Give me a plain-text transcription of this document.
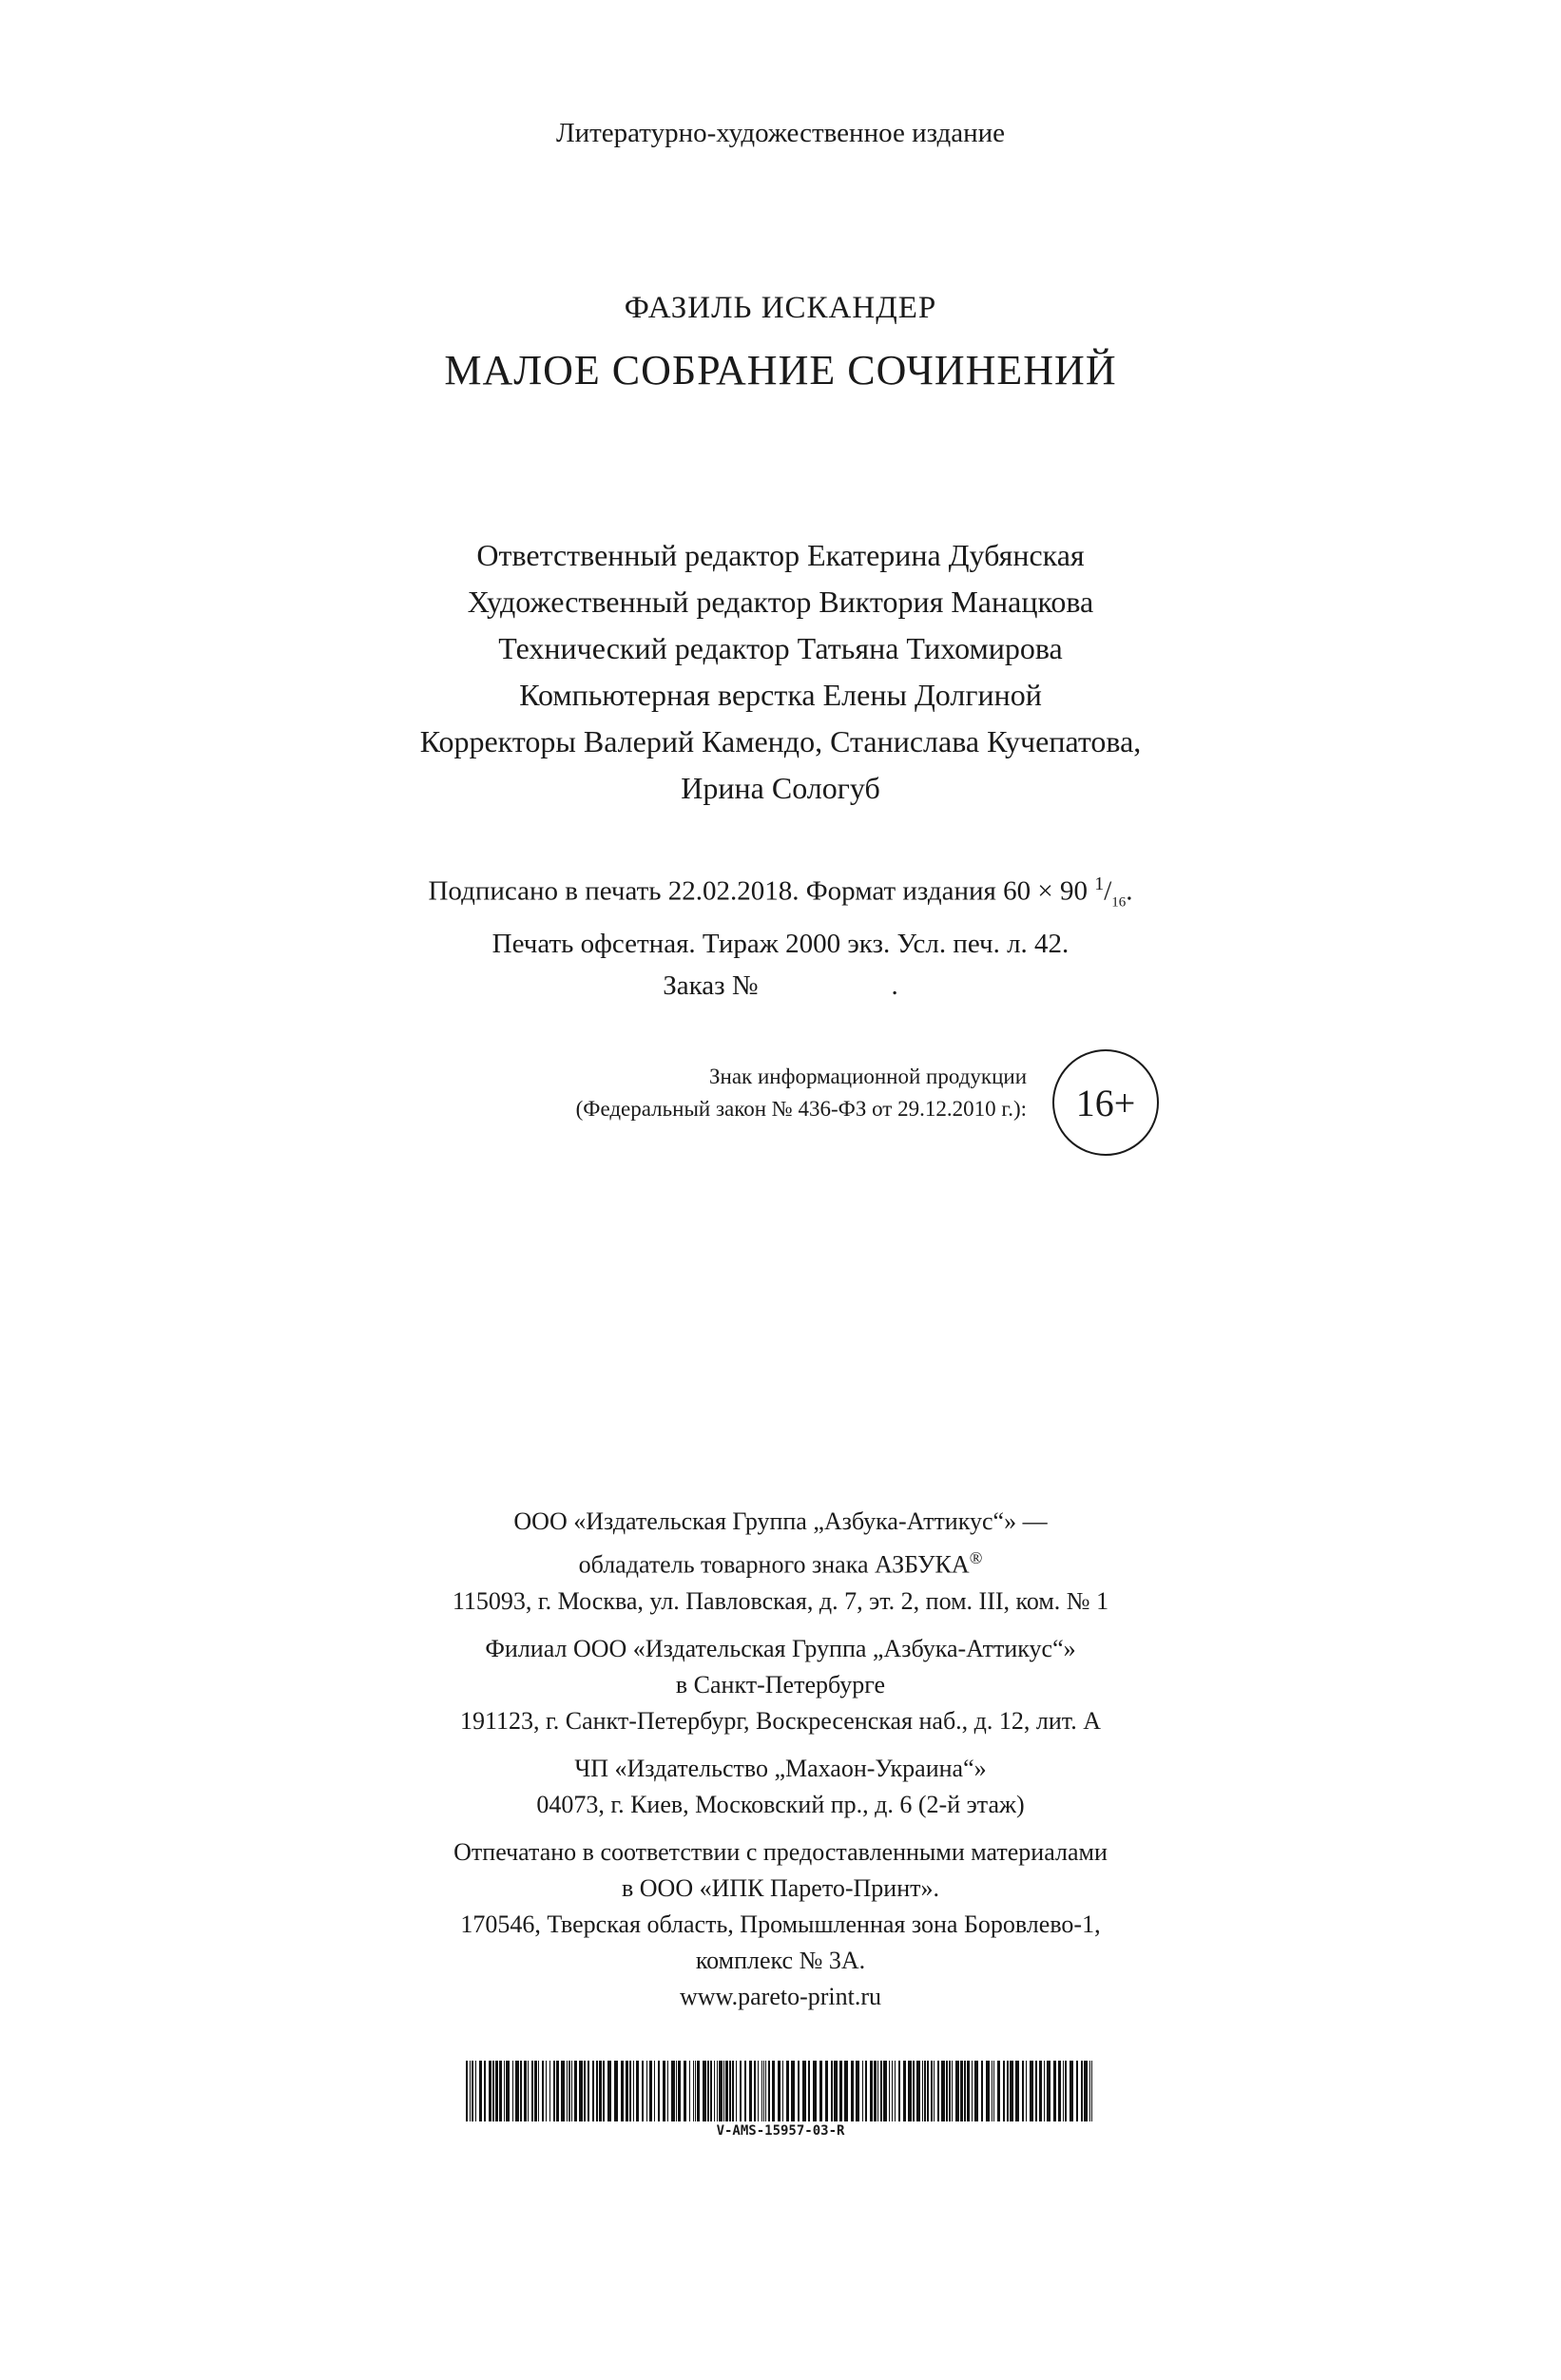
Литературно-художественное издание
ФАЗИЛЬ ИСКАНДЕР
МАЛОЕ СОБРАНИЕ СОЧИНЕНИЙ
Ответственный редактор Екатерина Дубянская
Художественный редактор Виктория Манацкова
Технический редактор Татьяна Тихомирова
Компьютерная верстка Елены Долгиной
Корректоры Валерий Камендо, Станислава Кучепатова,
Ирина Сологуб
Подписано в печать 22.02.2018. Формат издания 60 × 90 $^1/_{16}$.
Печать офсетная. Тираж 2000 экз. Усл. печ. л. 42.
Заказ №	.
Знак информационной продукции
(Федеральный закон № 436-ФЗ от 29.12.2010 г.):	16+
ООО «Издательская Группа „Азбука-Аттикус“» —
обладатель товарного знака АЗБУКА®
115093, г. Москва, ул. Павловская, д. 7, эт. 2, пом. III, ком. № 1
Филиал ООО «Издательская Группа „Азбука-Аттикус“»
в Санкт-Петербурге
191123, г. Санкт-Петербург, Воскресенская наб., д. 12, лит. А
ЧП «Издательство „Махаон-Украина“»
04073, г. Киев, Московский пр., д. 6 (2-й этаж)
Отпечатано в соответствии с предоставленными материалами
в ООО «ИПК Парето-Принт».
170546, Тверская область, Промышленная зона Боровлево-1,
комплекс № 3А.
www.pareto-print.ru
V-AMS-15957-03-R
